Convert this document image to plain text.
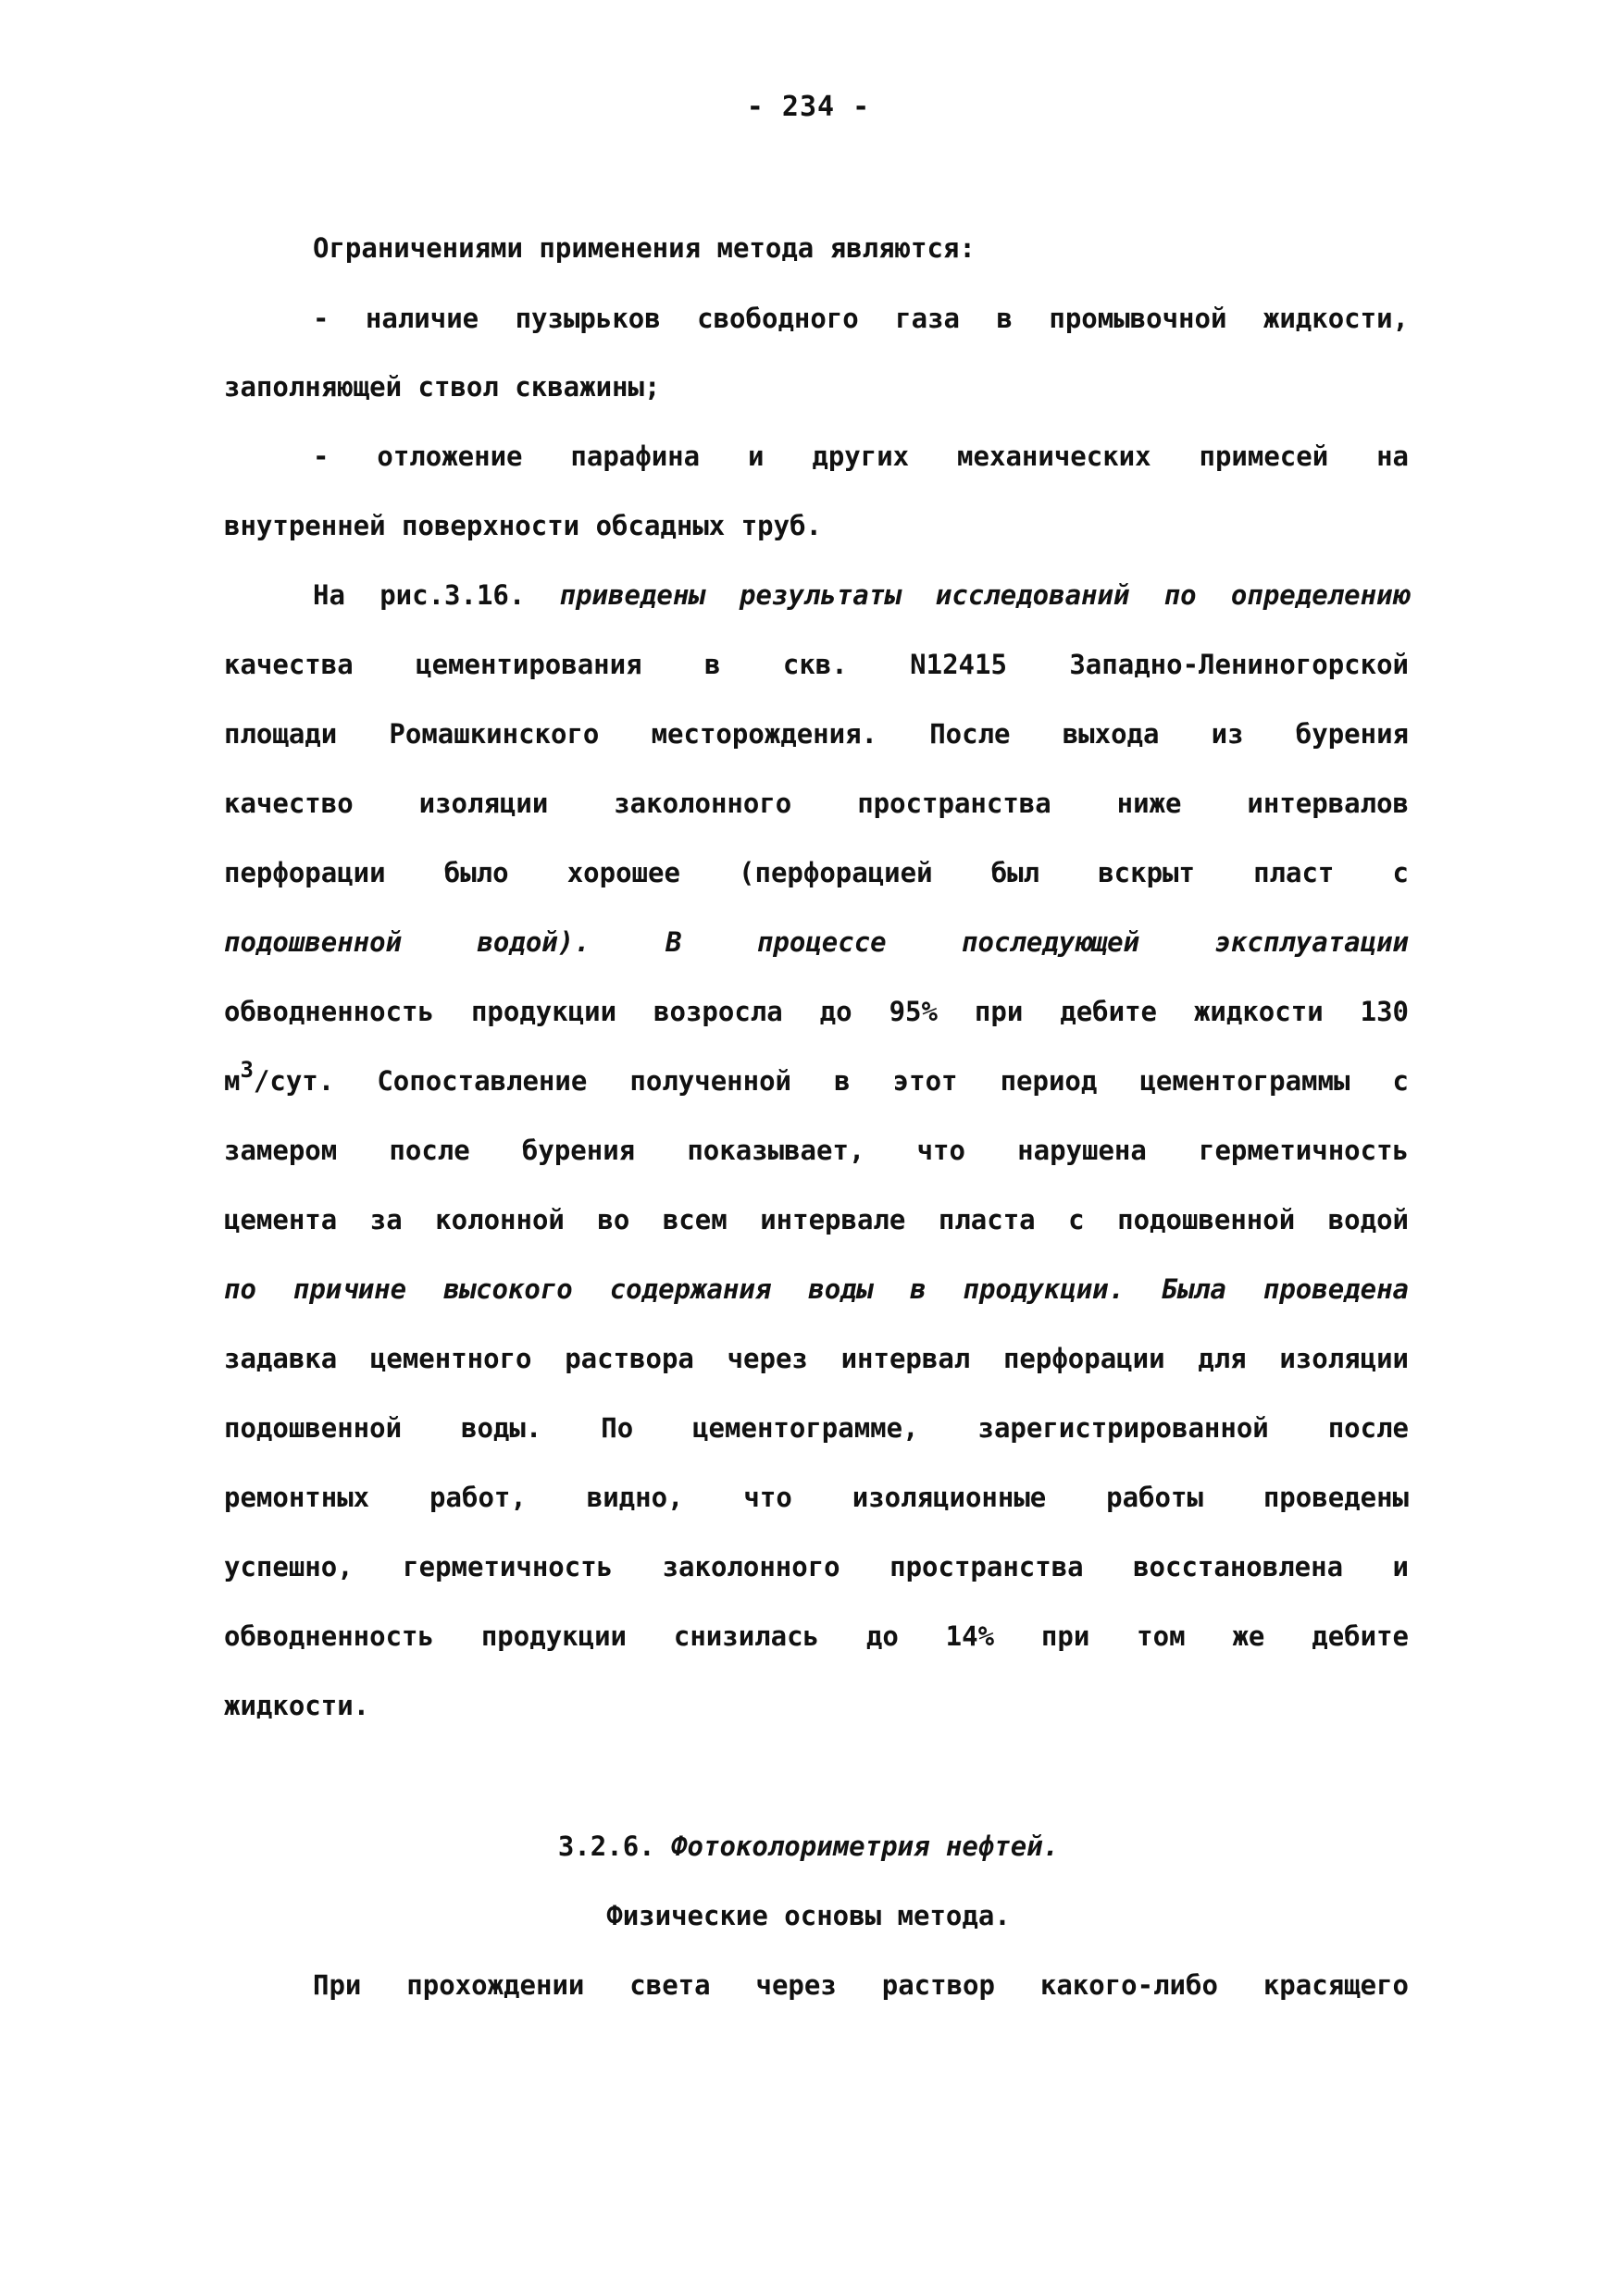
- 234 -
Ограничениями применения метода являются:
- наличие пузырьков свободного газа в промывочной жидкости,
заполняющей ствол скважины;
- отложение парафина и других механических примесей на
внутренней поверхности обсадных труб.
На рис.3.16. приведены результаты исследований по определению
качества цементирования в скв. N12415 Западно-Лениногорской
площади Ромашкинского месторождения. После выхода из бурения
качество изоляции заколонного пространства ниже интервалов
перфорации было хорошее (перфорацией был вскрыт пласт с
подошвенной водой). В процессе последующей эксплуатации
обводненность продукции возросла до 95% при дебите жидкости 130
$м^3$/сут. Сопоставление полученной в этот период цементограммы с
замером после бурения показывает, что нарушена герметичность
цемента за колонной во всем интервале пласта с подошвенной водой
по причине высокого содержания воды в продукции. Была проведена
задавка цементного раствора через интервал перфорации для изоляции
подошвенной воды. По цементограмме, зарегистрированной после
ремонтных работ, видно, что изоляционные работы проведены
успешно, герметичность заколонного пространства восстановлена и
обводненность продукции снизилась до 14% при том же дебите
жидкости.
3.2.6. Фотоколориметрия нефтей.
Физические основы метода.
При прохождении света через раствор какого-либо красящего
